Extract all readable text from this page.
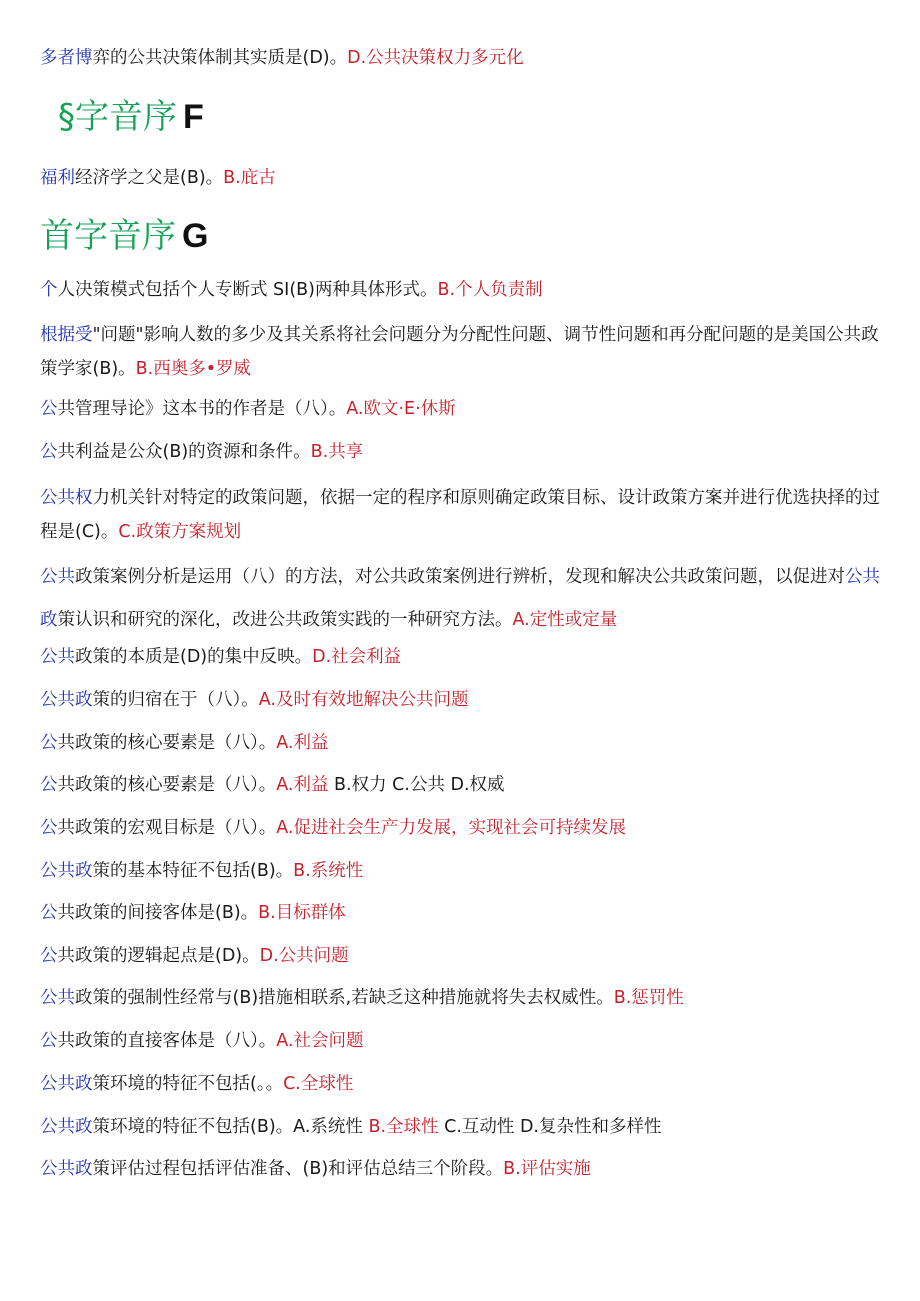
多者博弈的公共决策体制其实质是(D)。D.公共决策权力多元化
§字音序 F
福利经济学之父是(B)。B.庇古
首字音序 G
个人决策模式包括个人专断式 SI(B)两种具体形式。B.个人负责制
根据受"问题"影响人数的多少及其关系将社会问题分为分配性问题、调节性问题和再分配问题的是美国公共政策学家(B)。B.西奥多•罗威
公共管理导论》这本书的作者是（八）。A.欧文·E·休斯
公共利益是公众(B)的资源和条件。B.共享
公共权力机关针对特定的政策问题，依据一定的程序和原则确定政策目标、设计政策方案并进行优选抉择的过程是(C)。C.政策方案规划
公共政策案例分析是运用（八）的方法，对公共政策案例进行辨析，发现和解决公共政策问题，以促进对公共政策认识和研究的深化，改进公共政策实践的一种研究方法。A.定性或定量
公共政策的本质是(D)的集中反映。D.社会利益
公共政策的归宿在于（八）。A.及时有效地解决公共问题
公共政策的核心要素是（八）。A.利益
公共政策的核心要素是（八）。A.利益 B.权力 C.公共 D.权威
公共政策的宏观目标是（八）。A.促进社会生产力发展，实现社会可持续发展
公共政策的基本特征不包括(B)。B.系统性
公共政策的间接客体是(B)。B.目标群体
公共政策的逻辑起点是(D)。D.公共问题
公共政策的强制性经常与(B)措施相联系,若缺乏这种措施就将失去权威性。B.惩罚性
公共政策的直接客体是（八）。A.社会问题
公共政策环境的特征不包括(。。C.全球性
公共政策环境的特征不包括(B)。A.系统性 B.全球性 C.互动性 D.复杂性和多样性
公共政策评估过程包括评估准备、(B)和评估总结三个阶段。B.评估实施
